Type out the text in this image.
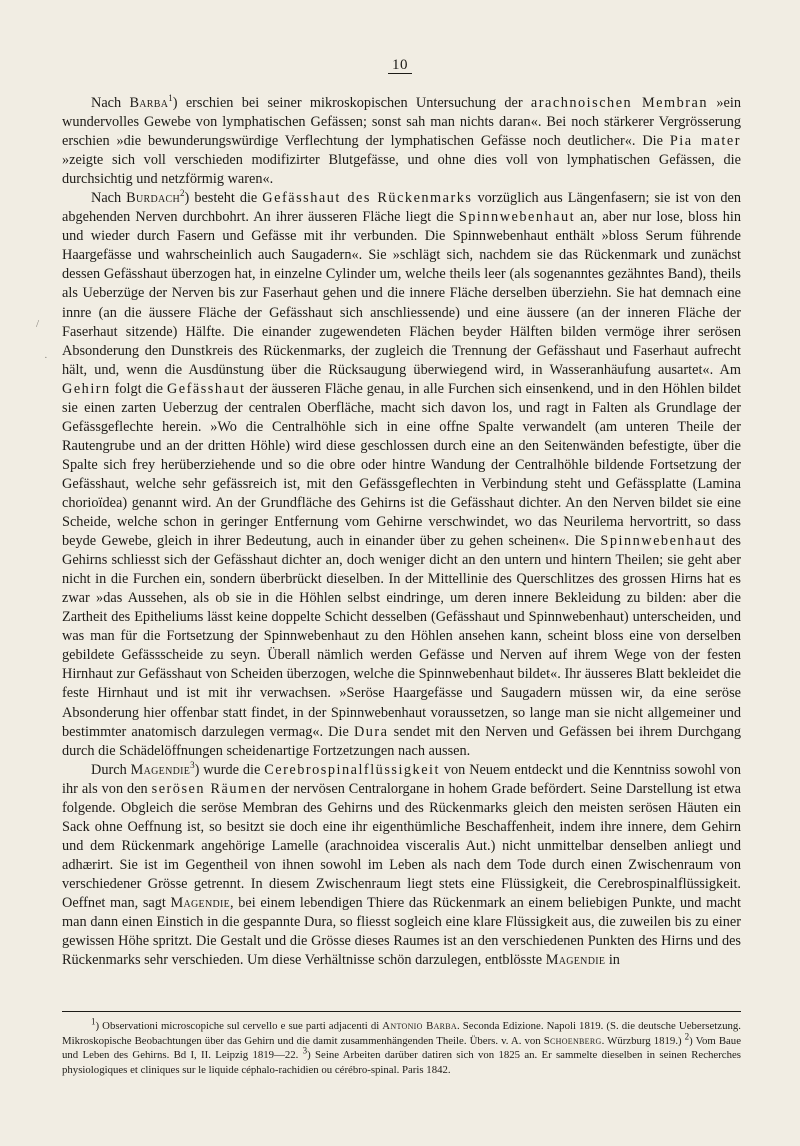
10
/
·

Nach Barba$^1$) erschien bei seiner mikroskopischen Untersuchung der arachnoischen Membran »ein wundervolles Gewebe von lymphatischen Gefässen; sonst sah man nichts daran«. Bei noch stärkerer Vergrösserung erschien »die bewunderungswürdige Verflechtung der lymphatischen Gefässe noch deutlicher«. Die Pia mater »zeigte sich voll verschieden modifizirter Blutgefässe, und ohne dies voll von lymphatischen Gefässen, die durchsichtig und netzförmig waren«.

Nach Burdach$^2$) besteht die Gefässhaut des Rückenmarks vorzüglich aus Längenfasern; sie ist von den abgehenden Nerven durchbohrt. An ihrer äusseren Fläche liegt die Spinnwebenhaut an, aber nur lose, bloss hin und wieder durch Fasern und Gefässe mit ihr verbunden. Die Spinnwebenhaut enthält »bloss Serum führende Haargefässe und wahrscheinlich auch Saugadern«. Sie »schlägt sich, nachdem sie das Rückenmark und zunächst dessen Gefässhaut überzogen hat, in einzelne Cylinder um, welche theils leer (als sogenanntes gezähntes Band), theils als Ueberzüge der Nerven bis zur Faserhaut gehen und die innere Fläche derselben überziehn. Sie hat demnach eine innre (an die äussere Fläche der Gefässhaut sich anschliessende) und eine äussere (an der inneren Fläche der Faserhaut sitzende) Hälfte. Die einander zugewendeten Flächen beyder Hälften bilden vermöge ihrer serösen Absonderung den Dunstkreis des Rückenmarks, der zugleich die Trennung der Gefässhaut und Faserhaut aufrecht hält, und, wenn die Ausdünstung über die Rücksaugung überwiegend wird, in Wasseranhäufung ausartet«. Am Gehirn folgt die Gefässhaut der äusseren Fläche genau, in alle Furchen sich einsenkend, und in den Höhlen bildet sie einen zarten Ueberzug der centralen Oberfläche, macht sich davon los, und ragt in Falten als Grundlage der Gefässgeflechte herein. »Wo die Centralhöhle sich in eine offne Spalte verwandelt (am unteren Theile der Rautengrube und an der dritten Höhle) wird diese geschlossen durch eine an den Seitenwänden befestigte, über die Spalte sich frey herüberziehende und so die obre oder hintre Wandung der Centralhöhle bildende Fortsetzung der Gefässhaut, welche sehr gefässreich ist, mit den Gefässgeflechten in Verbindung steht und Gefässplatte (Lamina chorioïdea) genannt wird. An der Grundfläche des Gehirns ist die Gefässhaut dichter. An den Nerven bildet sie eine Scheide, welche schon in geringer Entfernung vom Gehirne verschwindet, wo das Neurilema hervortritt, so dass beyde Gewebe, gleich in ihrer Bedeutung, auch in einander über zu gehen scheinen«. Die Spinnwebenhaut des Gehirns schliesst sich der Gefässhaut dichter an, doch weniger dicht an den untern und hintern Theilen; sie geht aber nicht in die Furchen ein, sondern überbrückt dieselben. In der Mittellinie des Querschlitzes des grossen Hirns hat es zwar »das Aussehen, als ob sie in die Höhlen selbst eindringe, um deren innere Bekleidung zu bilden: aber die Zartheit des Epitheliums lässt keine doppelte Schicht desselben (Gefässhaut und Spinnwebenhaut) unterscheiden, und was man für die Fortsetzung der Spinnwebenhaut zu den Höhlen ansehen kann, scheint bloss eine von derselben gebildete Gefässscheide zu seyn. Überall nämlich werden Gefässe und Nerven auf ihrem Wege von der festen Hirnhaut zur Gefässhaut von Scheiden überzogen, welche die Spinnwebenhaut bildet«. Ihr äusseres Blatt bekleidet die feste Hirnhaut und ist mit ihr verwachsen. »Seröse Haargefässe und Saugadern müssen wir, da eine seröse Absonderung hier offenbar statt findet, in der Spinnwebenhaut voraussetzen, so lange man sie nicht allgemeiner und bestimmter anatomisch darzulegen vermag«. Die Dura sendet mit den Nerven und Gefässen bei ihrem Durchgang durch die Schädelöffnungen scheidenartige Fortzetzungen nach aussen.

Durch Magendie$^3$) wurde die Cerebrospinalflüssigkeit von Neuem entdeckt und die Kenntniss sowohl von ihr als von den serösen Räumen der nervösen Centralorgane in hohem Grade befördert. Seine Darstellung ist etwa folgende. Obgleich die seröse Membran des Gehirns und des Rückenmarks gleich den meisten serösen Häuten ein Sack ohne Oeffnung ist, so besitzt sie doch eine ihr eigenthümliche Beschaffenheit, indem ihre innere, dem Gehirn und dem Rückenmark angehörige Lamelle (arachnoidea visceralis Aut.) nicht unmittelbar denselben anliegt und adhærirt. Sie ist im Gegentheil von ihnen sowohl im Leben als nach dem Tode durch einen Zwischenraum von verschiedener Grösse getrennt. In diesem Zwischenraum liegt stets eine Flüssigkeit, die Cerebrospinalflüssigkeit. Oeffnet man, sagt Magendie, bei einem lebendigen Thiere das Rückenmark an einem beliebigen Punkte, und macht man dann einen Einstich in die gespannte Dura, so fliesst sogleich eine klare Flüssigkeit aus, die zuweilen bis zu einer gewissen Höhe spritzt. Die Gestalt und die Grösse dieses Raumes ist an den verschiedenen Punkten des Hirns und des Rückenmarks sehr verschieden. Um diese Verhältnisse schön darzulegen, entblösste Magendie in

$^1$) Observationi microscopiche sul cervello e sue parti adjacenti di Antonio Barba. Seconda Edizione. Napoli 1819. (S. die deutsche Uebersetzung. Mikroskopische Beobachtungen über das Gehirn und die damit zusammenhängenden Theile. Übers. v. A. von Schoenberg. Würzburg 1819.) $^2$) Vom Baue und Leben des Gehirns. Bd I, II. Leipzig 1819—22. $^3$) Seine Arbeiten darüber datiren sich von 1825 an. Er sammelte dieselben in seinen Recherches physiologiques et cliniques sur le liquide céphalo-rachidien ou cérébro-spinal. Paris 1842.
